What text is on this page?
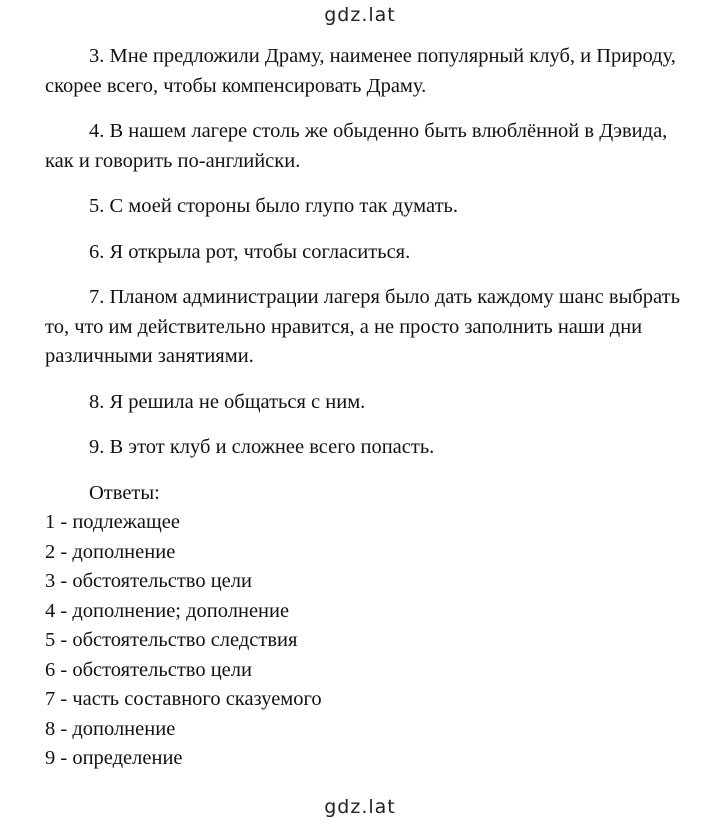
gdz.lat

3. Мне предложили Драму, наименее популярный клуб, и Природу, скорее всего, чтобы компенсировать Драму.

4. В нашем лагере столь же обыденно быть влюблённой в Дэвида, как и говорить по-английски.

5. С моей стороны было глупо так думать.

6. Я открыла рот, чтобы согласиться.

7. Планом администрации лагеря было дать каждому шанс выбрать то, что им действительно нравится, а не просто заполнить наши дни различными занятиями.

8. Я решила не общаться с ним.

9. В этот клуб и сложнее всего попасть.

Ответы:

1 - подлежащее
2 - дополнение
3 - обстоятельство цели
4 - дополнение; дополнение
5 - обстоятельство следствия
6 - обстоятельство цели
7 - часть составного сказуемого
8 - дополнение
9 - определение
gdz.lat
